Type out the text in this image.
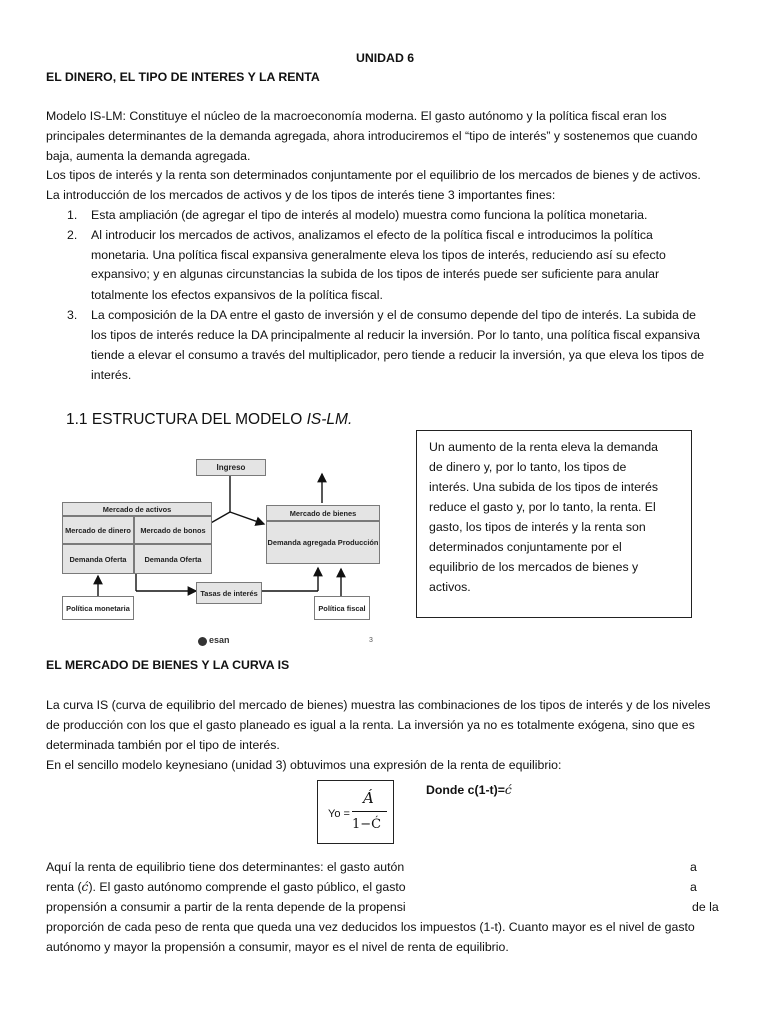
UNIDAD 6
EL DINERO, EL TIPO DE INTERES Y LA RENTA
Modelo IS-LM: Constituye el núcleo de la macroeconomía moderna. El gasto autónomo y la política fiscal eran los
principales determinantes de la demanda agregada, ahora introduciremos el “tipo de interés” y sostenemos que cuando
baja, aumenta la demanda agregada.
Los tipos de interés y la renta son determinados conjuntamente por el equilibrio de los mercados de bienes y de activos.
La introducción de los mercados de activos y de los tipos de interés tiene 3 importantes fines:
1. Esta ampliación (de agregar el tipo de interés al modelo) muestra como funciona la política monetaria.
2. Al introducir los mercados de activos, analizamos el efecto de la política fiscal e introducimos la política
monetaria. Una política fiscal expansiva generalmente eleva los tipos de interés, reduciendo así su efecto
expansivo; y en algunas circunstancias la subida de los tipos de interés puede ser suficiente para anular
totalmente los efectos expansivos de la política fiscal.
3. La composición de la DA entre el gasto de inversión y el de consumo depende del tipo de interés. La subida de
los tipos de interés reduce la DA principalmente al reducir la inversión. Por lo tanto, una política fiscal expansiva
tiende a elevar el consumo a través del multiplicador, pero tiende a reducir la inversión, ya que eleva los tipos de
interés.
1.1 ESTRUCTURA DEL MODELO IS-LM.
Ingreso
Mercado de activos
Mercado de dinero	Mercado de bonos
Demanda Oferta	Demanda Oferta
Mercado de bienes
Demanda agregada Producción
Tasas de interés
Política monetaria	Política fiscal
esan	3
Un aumento de la renta eleva la demanda
de dinero y, por lo tanto, los tipos de
interés. Una subida de los tipos de interés
reduce el gasto y, por lo tanto, la renta. El
gasto, los tipos de interés y la renta son
determinados conjuntamente por el
equilibrio de los mercados de bienes y
activos.
EL MERCADO DE BIENES Y LA CURVA IS
La curva IS (curva de equilibrio del mercado de bienes) muestra las combinaciones de los tipos de interés y de los niveles
de producción con los que el gasto planeado es igual a la renta. La inversión ya no es totalmente exógena, sino que es
determinada también por el tipo de interés.
En el sencillo modelo keynesiano (unidad 3) obtuvimos una expresión de la renta de equilibrio:
Yo =
Á
1−Ć
Donde c(1-t)=ć
Aquí la renta de equilibrio tiene dos determinantes: el gasto autón	a
renta (ć). El gasto autónomo comprende el gasto público, el gasto	a
propensión a consumir a partir de la renta depende de la propensi	de la
proporción de cada peso de renta que queda una vez deducidos los impuestos (1-t). Cuanto mayor es el nivel de gasto
autónomo y mayor la propensión a consumir, mayor es el nivel de renta de equilibrio.
